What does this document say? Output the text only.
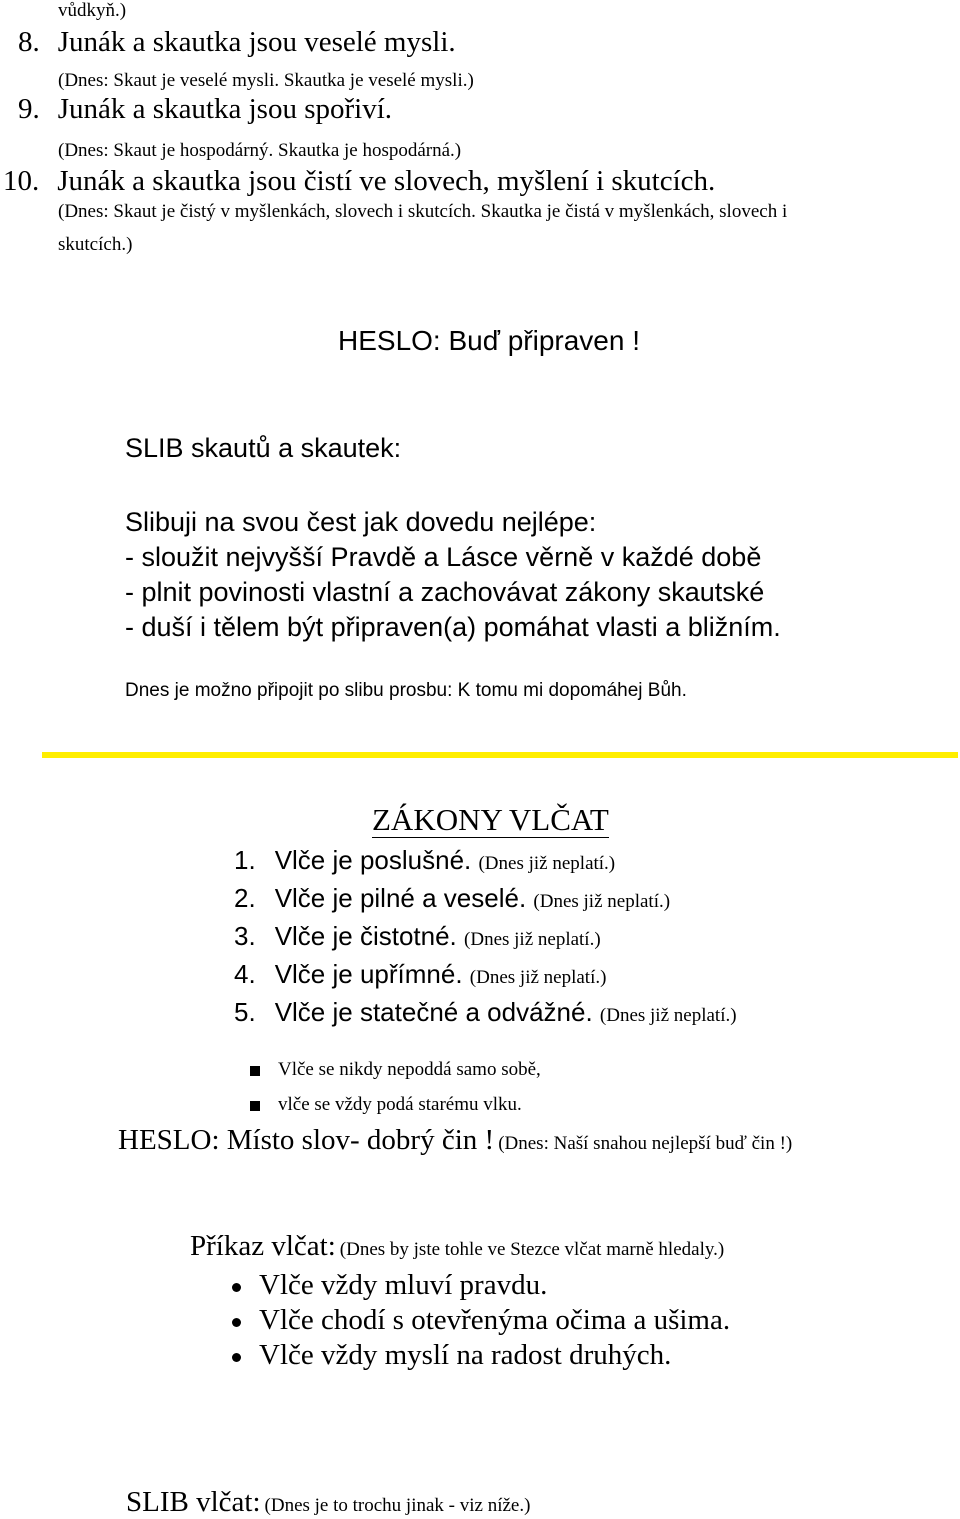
vůdkyň.)
8. Junák a skautka jsou veselé mysli.
(Dnes: Skaut je veselé mysli. Skautka je veselé mysli.)
9. Junák a skautka jsou spořiví.
(Dnes: Skaut je hospodárný. Skautka je hospodárná.)
10. Junák a skautka jsou čistí ve slovech, myšlení i skutcích.
(Dnes: Skaut je čistý v myšlenkách, slovech i skutcích. Skautka je čistá v myšlenkách, slovech i
skutcích.)
HESLO: Buď připraven !
SLIB skautů a skautek:
Slibuji na svou čest jak dovedu nejlépe:
- sloužit nejvyšší Pravdě a Lásce věrně v každé době
- plnit povinosti vlastní a zachovávat zákony skautské
- duší i tělem být připraven(a) pomáhat vlasti a bližním.
Dnes je možno připojit po slibu prosbu: K tomu mi dopomáhej Bůh.
ZÁKONY VLČAT
1. Vlče je poslušné. (Dnes již neplatí.)
2. Vlče je pilné a veselé. (Dnes již neplatí.)
3. Vlče je čistotné. (Dnes již neplatí.)
4. Vlče je upřímné. (Dnes již neplatí.)
5. Vlče je statečné a odvážné. (Dnes již neplatí.)
Vlče se nikdy nepoddá samo sobě,
vlče se vždy podá starému vlku.
HESLO: Místo slov- dobrý čin ! (Dnes: Naší snahou nejlepší buď čin !)
Příkaz vlčat: (Dnes by jste tohle ve Stezce vlčat marně hledaly.)
Vlče vždy mluví pravdu.
Vlče chodí s otevřenýma očima a ušima.
Vlče vždy myslí na radost druhých.
SLIB vlčat: (Dnes je to trochu jinak - viz níže.)
